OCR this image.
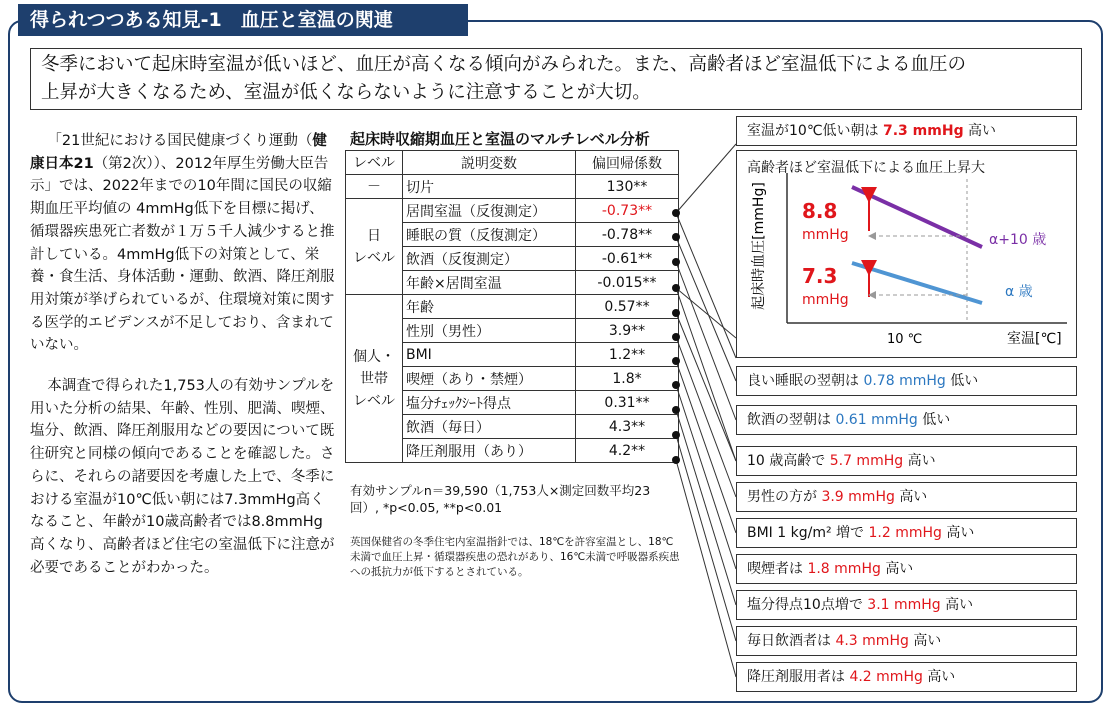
得られつつある知見-1　血圧と室温の関連
冬季において起床時室温が低いほど、血圧が高くなる傾向がみられた。また、高齢者ほど室温低下による血圧の
上昇が大きくなるため、室温が低くならないように注意することが大切。

「21世紀における国民健康づくり運動（健康日本21（第2次））、2012年厚生労働大臣告示」では、2022年までの10年間に国民の収縮期血圧平均値の 4mmHg低下を目標に掲げ、循環器疾患死亡者数が１万５千人減少すると推計している。4mmHg低下の対策として、栄養・食生活、身体活動・運動、飲酒、降圧剤服用対策が挙げられているが、住環境対策に関する医学的エビデンスが不足しており、含まれていない。

本調査で得られた1,753人の有効サンプルを用いた分析の結果、年齢、性別、肥満、喫煙、塩分、飲酒、降圧剤服用などの要因について既往研究と同様の傾向であることを確認した。さらに、それらの諸要因を考慮した上で、冬季における室温が10℃低い朝には7.3mmHg高くなること、年齢が10歳高齢者では8.8mmHg高くなり、高齢者ほど住宅の室温低下に注意が必要であることがわかった。

起床時収縮期血圧と室温のマルチレベル分析
レベル	説明変数	偏回帰係数
－	切片	130**
日
レベル	居間室温（反復測定）	-0.73**
	睡眠の質（反復測定）	-0.78**
	飲酒（反復測定）	-0.61**
	年齢×居間室温	-0.015**
個人・
世帯
レベル	年齢	0.57**
	性別（男性）	3.9**
	BMI	1.2**
	喫煙（あり・禁煙）	1.8*
	塩分ﾁｪｯｸｼｰﾄ得点	0.31**
	飲酒（毎日）	4.3**
	降圧剤服用（あり）	4.2**
有効サンプルn＝39,590（1,753人×測定回数平均23回）, *p<0.05, **p<0.01
英国保健省の冬季住宅内室温指針では、18℃を許容室温とし、18℃未満で血圧上昇・循環器疾患の恐れがあり、16℃未満で呼吸器系疾患への抵抗力が低下するとされている。
室温が10℃低い朝は 7.3 mmHg 高い
高齢者ほど室温低下による血圧上昇大
起床時血圧[mmHg] 8.8
mmHg
7.3
mmHg
α+10 歳
α 歳
10 ℃	室温[℃]
良い睡眠の翌朝は 0.78 mmHg 低い
飲酒の翌朝は 0.61 mmHg 低い
10 歳高齢で 5.7 mmHg 高い
男性の方が 3.9 mmHg 高い
BMI 1 kg/m² 増で 1.2 mmHg 高い
喫煙者は 1.8 mmHg 高い
塩分得点10点増で 3.1 mmHg 高い
毎日飲酒者は 4.3 mmHg 高い
降圧剤服用者は 4.2 mmHg 高い
